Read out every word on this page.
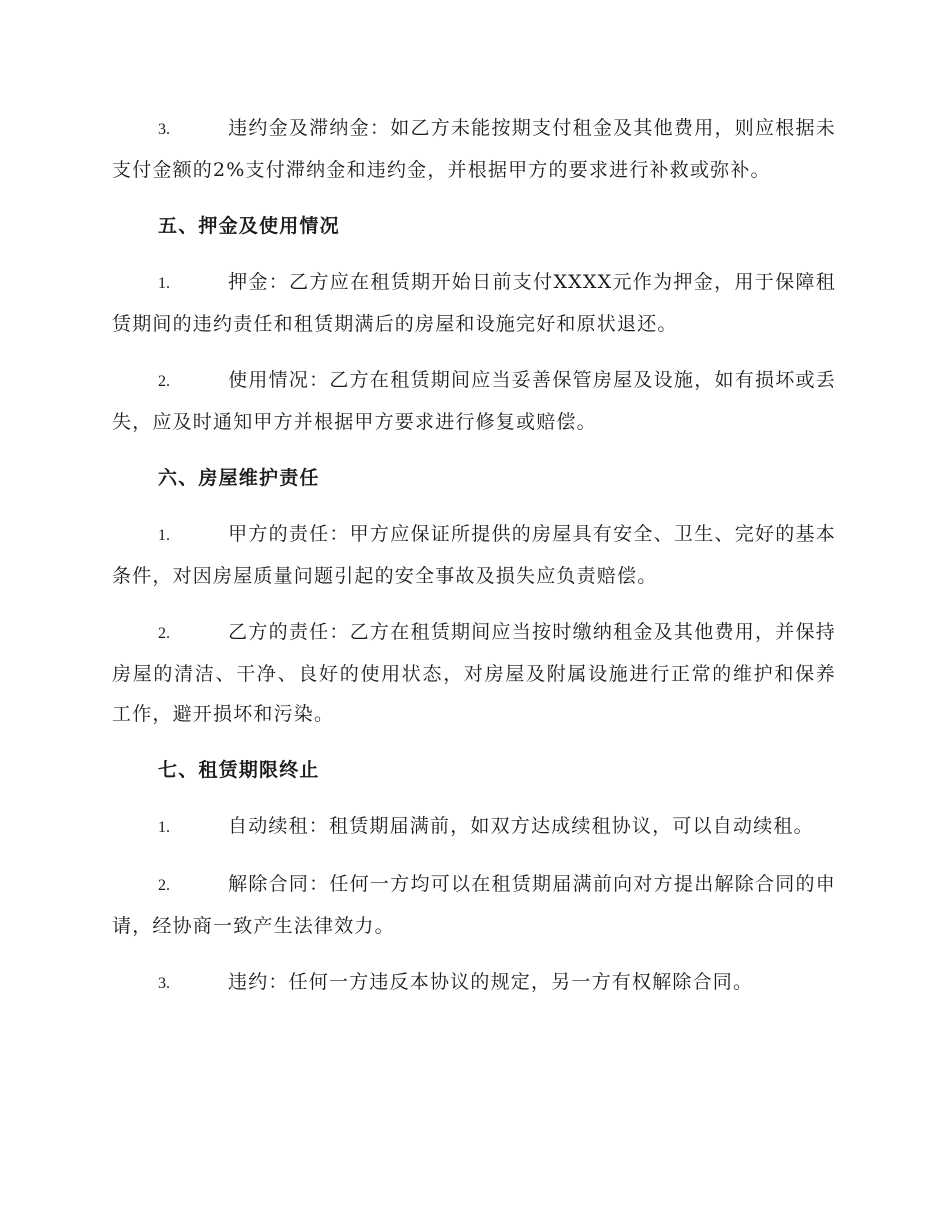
3.	违约金及滞纳金：如乙方未能按期支付租金及其他费用，则应根据未支付金额的2%支付滞纳金和违约金，并根据甲方的要求进行补救或弥补。

五、押金及使用情况

1.	押金：乙方应在租赁期开始日前支付XXXX元作为押金，用于保障租赁期间的违约责任和租赁期满后的房屋和设施完好和原状退还。

2.	使用情况：乙方在租赁期间应当妥善保管房屋及设施，如有损坏或丢失，应及时通知甲方并根据甲方要求进行修复或赔偿。

六、房屋维护责任

1.	甲方的责任：甲方应保证所提供的房屋具有安全、卫生、完好的基本条件，对因房屋质量问题引起的安全事故及损失应负责赔偿。

2.	乙方的责任：乙方在租赁期间应当按时缴纳租金及其他费用，并保持房屋的清洁、干净、良好的使用状态，对房屋及附属设施进行正常的维护和保养工作，避开损坏和污染。

七、租赁期限终止

1.	自动续租：租赁期届满前，如双方达成续租协议，可以自动续租。

2.	解除合同：任何一方均可以在租赁期届满前向对方提出解除合同的申请，经协商一致产生法律效力。

3.	违约：任何一方违反本协议的规定，另一方有权解除合同。
